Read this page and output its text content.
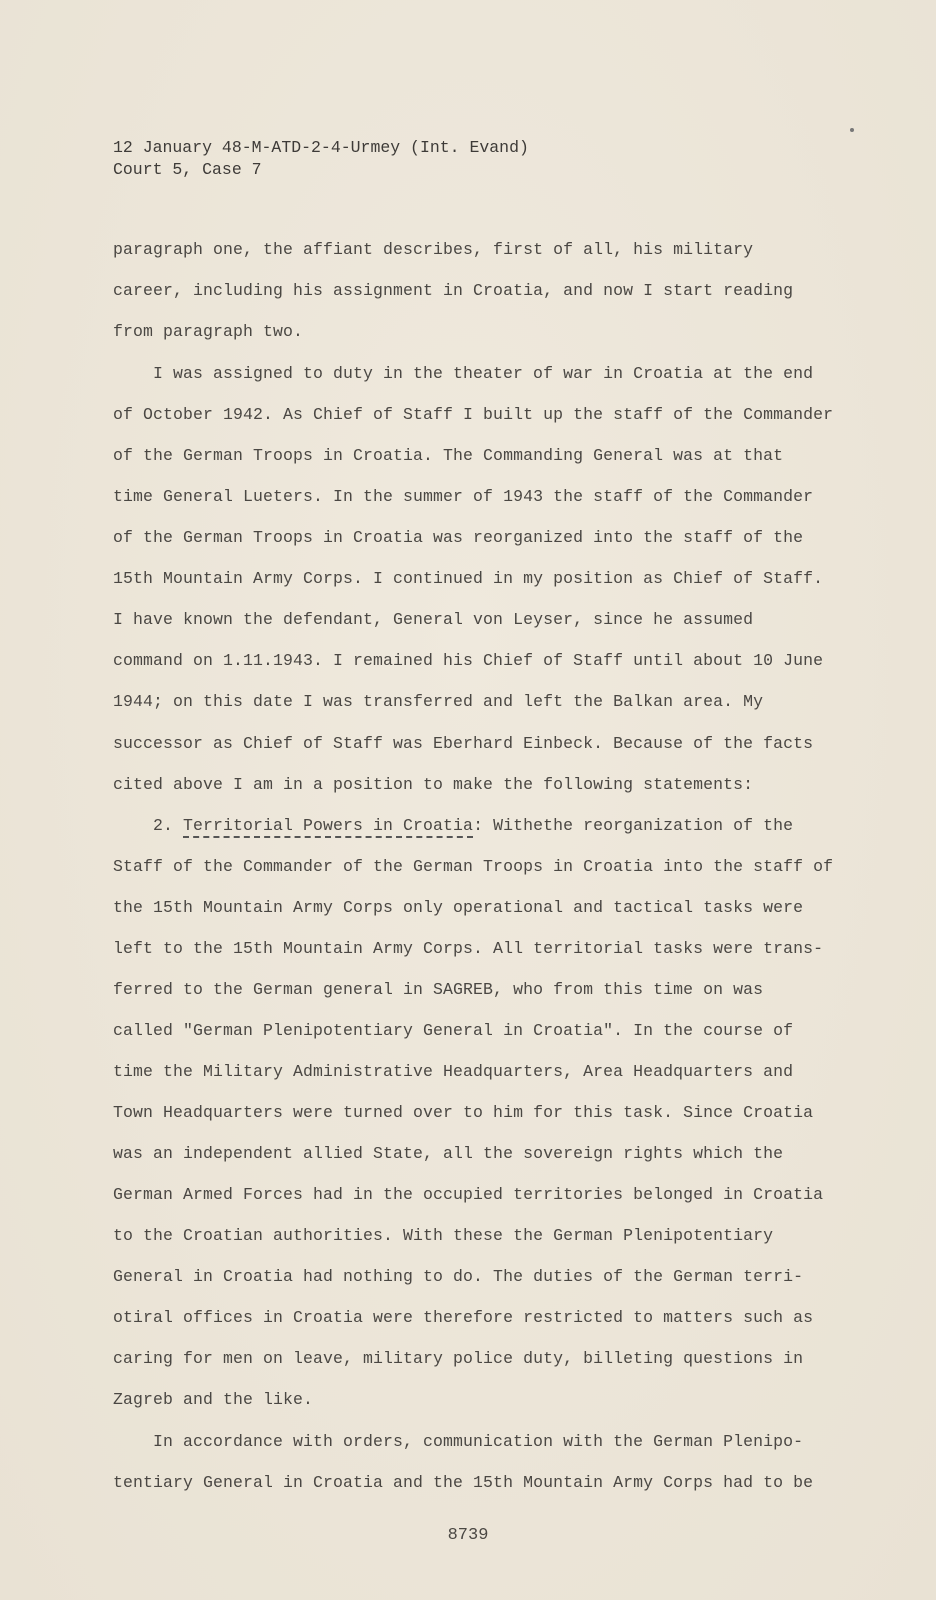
12 January 48-M-ATD-2-4-Urmey (Int. Evand)
Court 5, Case 7
paragraph one, the affiant describes, first of all, his military
career, including his assignment in Croatia, and now I start reading
from paragraph two.
I was assigned to duty in the theater of war in Croatia at the end
of October 1942. As Chief of Staff I built up the staff of the Commander
of the German Troops in Croatia. The Commanding General was at that
time General Lueters. In the summer of 1943 the staff of the Commander
of the German Troops in Croatia was reorganized into the staff of the
15th Mountain Army Corps. I continued in my position as Chief of Staff.
I have known the defendant, General von Leyser, since he assumed
command on 1.11.1943. I remained his Chief of Staff until about 10 June
1944; on this date I was transferred and left the Balkan area. My
successor as Chief of Staff was Eberhard Einbeck. Because of the facts
cited above I am in a position to make the following statements:
2. Territorial Powers in Croatia: Withethe reorganization of the
Staff of the Commander of the German Troops in Croatia into the staff of
the 15th Mountain Army Corps only operational and tactical tasks were
left to the 15th Mountain Army Corps. All territorial tasks were trans-
ferred to the German general in SAGREB, who from this time on was
called "German Plenipotentiary General in Croatia". In the course of
time the Military Administrative Headquarters, Area Headquarters and
Town Headquarters were turned over to him for this task. Since Croatia
was an independent allied State, all the sovereign rights which the
German Armed Forces had in the occupied territories belonged in Croatia
to the Croatian authorities. With these the German Plenipotentiary
General in Croatia had nothing to do. The duties of the German terri-
otiral offices in Croatia were therefore restricted to matters such as
caring for men on leave, military police duty, billeting questions in
Zagreb and the like.
In accordance with orders, communication with the German Plenipo-
tentiary General in Croatia and the 15th Mountain Army Corps had to be
8739
